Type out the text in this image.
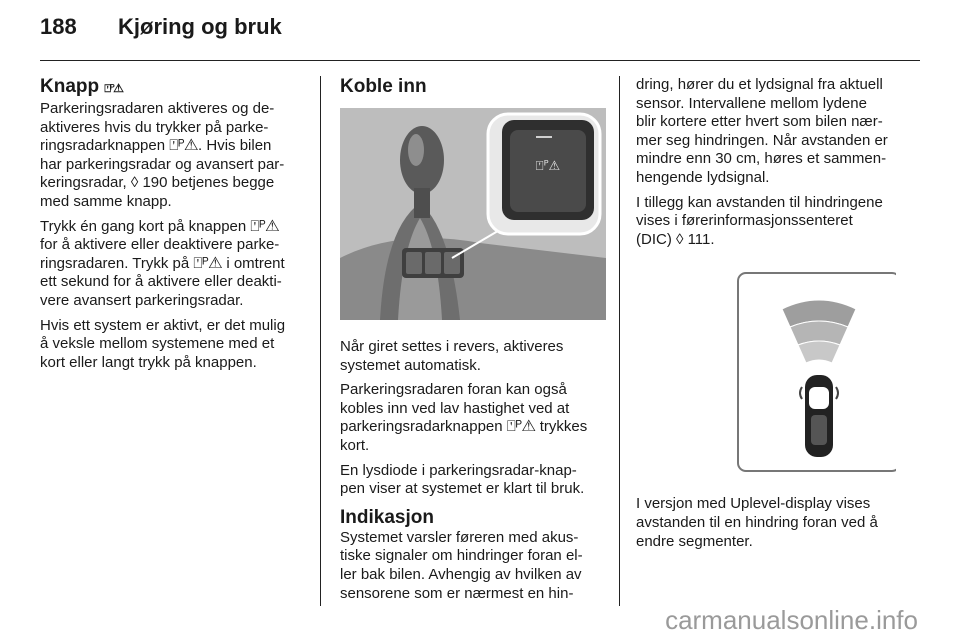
188	Kjøring og bruk
Knapp ⍞ᴾ⚠

Parkeringsradaren aktiveres og de-
aktiveres hvis du trykker på parke-
ringsradarknappen ⍞ᴾ⚠. Hvis bilen
har parkeringsradar og avansert par-
keringsradar, ◊ 190 betjenes begge
med samme knapp.

Trykk én gang kort på knappen ⍞ᴾ⚠
for å aktivere eller deaktivere parke-
ringsradaren. Trykk på ⍞ᴾ⚠ i omtrent
ett sekund for å aktivere eller deakti-
vere avansert parkeringsradar.

Hvis ett system er aktivt, er det mulig
å veksle mellom systemene med et
kort eller langt trykk på knappen.

Koble inn
⍞ᴾ⚠

Når giret settes i revers, aktiveres
systemet automatisk.

Parkeringsradaren foran kan også
kobles inn ved lav hastighet ved at
parkeringsradarknappen ⍞ᴾ⚠ trykkes
kort.

En lysdiode i parkeringsradar-knap-
pen viser at systemet er klart til bruk.

Indikasjon

Systemet varsler føreren med akus-
tiske signaler om hindringer foran el-
ler bak bilen. Avhengig av hvilken av
sensorene som er nærmest en hin-

dring, hører du et lydsignal fra aktuell
sensor. Intervallene mellom lydene
blir kortere etter hvert som bilen nær-
mer seg hindringen. Når avstanden er
mindre enn 30 cm, høres et sammen-
hengende lydsignal.

I tillegg kan avstanden til hindringene
vises i førerinformasjonssenteret
(DIC) ◊ 111.

I versjon med Uplevel-display vises
avstanden til en hindring foran ved å
endre segmenter.

carmanualsonline.info
